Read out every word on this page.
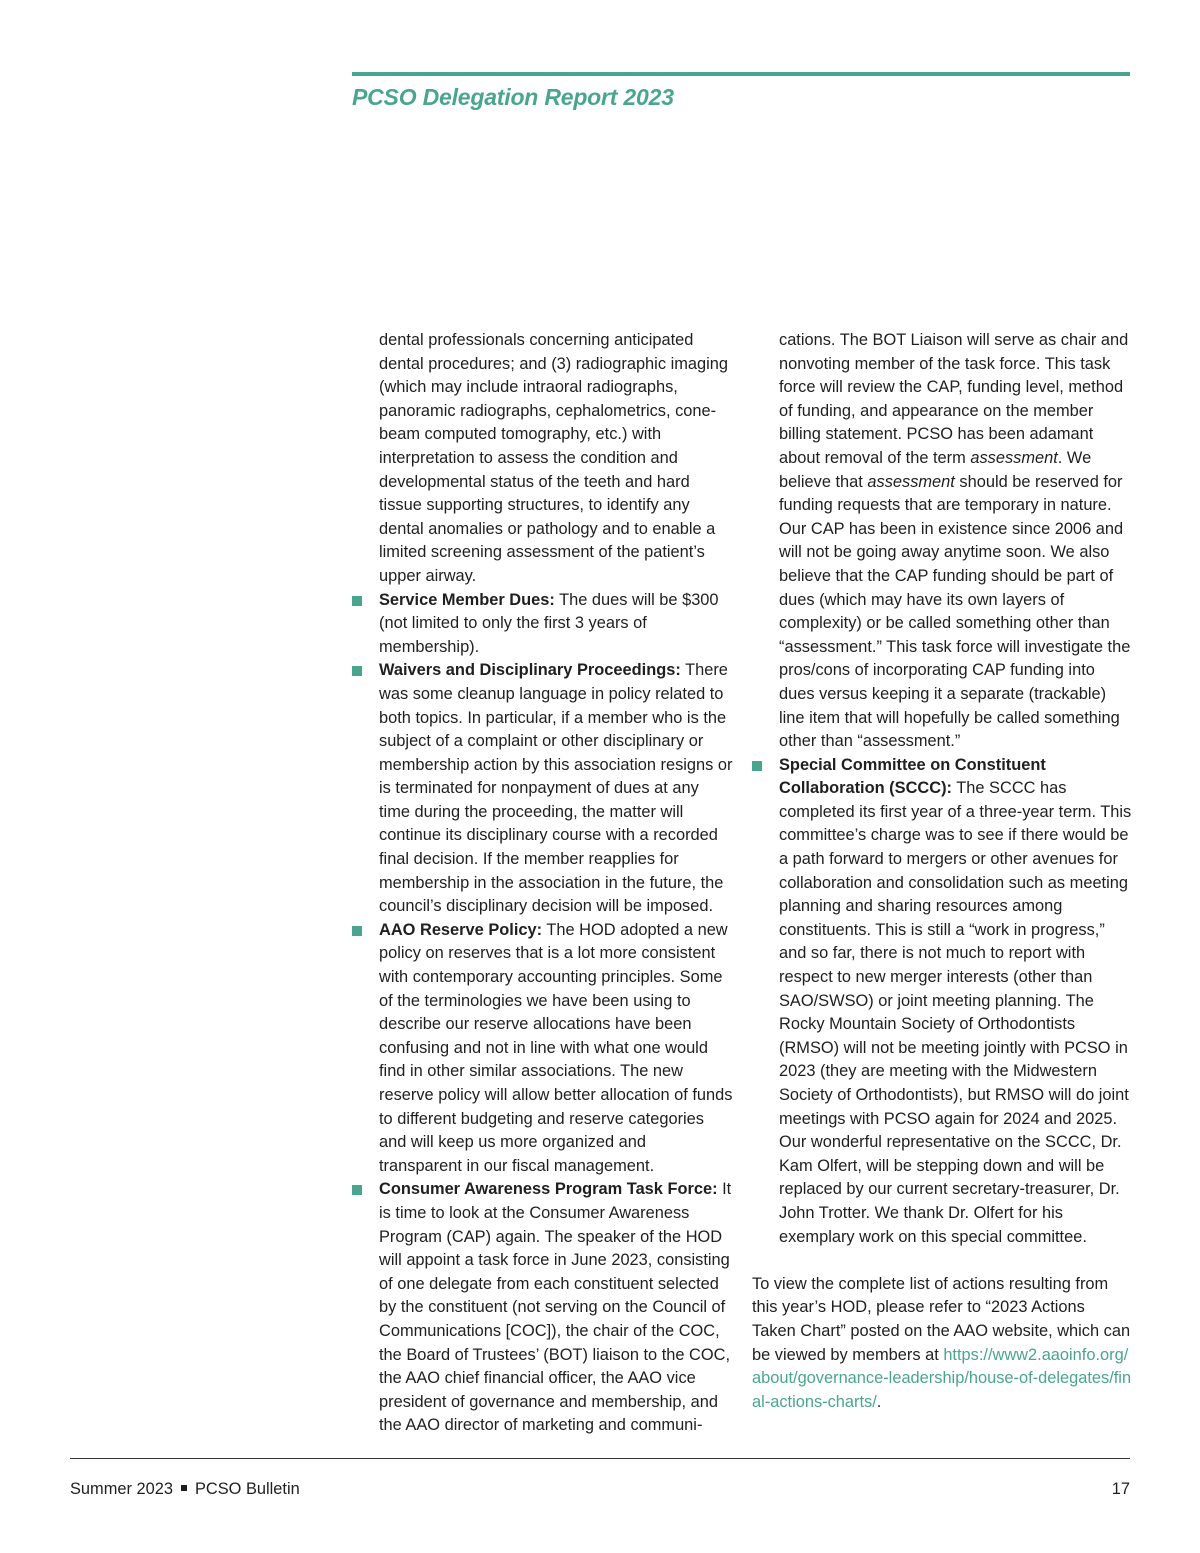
PCSO Delegation Report 2023

dental professionals concerning anticipated dental procedures; and (3) radiographic imaging (which may include intraoral radiographs, panoramic radiographs, cephalometrics, cone-beam computed tomography, etc.) with interpretation to assess the condition and developmental status of the teeth and hard tissue supporting structures, to identify any dental anomalies or pathology and to enable a limited screening assessment of the patient’s upper airway.

Service Member Dues: The dues will be $300 (not limited to only the first 3 years of membership).

Waivers and Disciplinary Proceedings: There was some cleanup language in policy related to both topics. In particular, if a member who is the subject of a complaint or other disciplinary or membership action by this association resigns or is terminated for nonpayment of dues at any time during the proceeding, the matter will continue its disciplinary course with a recorded final decision. If the member reapplies for membership in the association in the future, the council’s disciplinary decision will be imposed.

AAO Reserve Policy: The HOD adopted a new policy on reserves that is a lot more consistent with contemporary accounting principles. Some of the terminologies we have been using to describe our reserve allocations have been confusing and not in line with what one would find in other similar associations. The new reserve policy will allow better allocation of funds to different budgeting and reserve categories and will keep us more organized and transparent in our fiscal management.

Consumer Awareness Program Task Force: It is time to look at the Consumer Awareness Program (CAP) again. The speaker of the HOD will appoint a task force in June 2023, consisting of one delegate from each constituent selected by the constituent (not serving on the Council of Communications [COC]), the chair of the COC, the Board of Trustees’ (BOT) liaison to the COC, the AAO chief financial officer, the AAO vice president of governance and membership, and the AAO director of marketing and communi-

cations. The BOT Liaison will serve as chair and nonvoting member of the task force. This task force will review the CAP, funding level, method of funding, and appearance on the member billing statement. PCSO has been adamant about removal of the term assessment. We believe that assessment should be reserved for funding requests that are temporary in nature. Our CAP has been in existence since 2006 and will not be going away anytime soon. We also believe that the CAP funding should be part of dues (which may have its own layers of complexity) or be called something other than “assessment.” This task force will investigate the pros/cons of incorporating CAP funding into dues versus keeping it a separate (trackable) line item that will hopefully be called something other than “assessment.”

Special Committee on Constituent Collaboration (SCCC): The SCCC has completed its first year of a three-year term. This committee’s charge was to see if there would be a path forward to mergers or other avenues for collaboration and consolidation such as meeting planning and sharing resources among constituents. This is still a “work in progress,” and so far, there is not much to report with respect to new merger interests (other than SAO/SWSO) or joint meeting planning. The Rocky Mountain Society of Orthodontists (RMSO) will not be meeting jointly with PCSO in 2023 (they are meeting with the Midwestern Society of Orthodontists), but RMSO will do joint meetings with PCSO again for 2024 and 2025. Our wonderful representative on the SCCC, Dr. Kam Olfert, will be stepping down and will be replaced by our current secretary-treasurer, Dr. John Trotter. We thank Dr. Olfert for his exemplary work on this special committee.

To view the complete list of actions resulting from this year’s HOD, please refer to “2023 Actions Taken Chart” posted on the AAO website, which can be viewed by members at https://www2.aaoinfo.org/about/governance-leadership/house-of-delegates/final-actions-charts/.

Summer 2023 PCSO Bulletin	17
